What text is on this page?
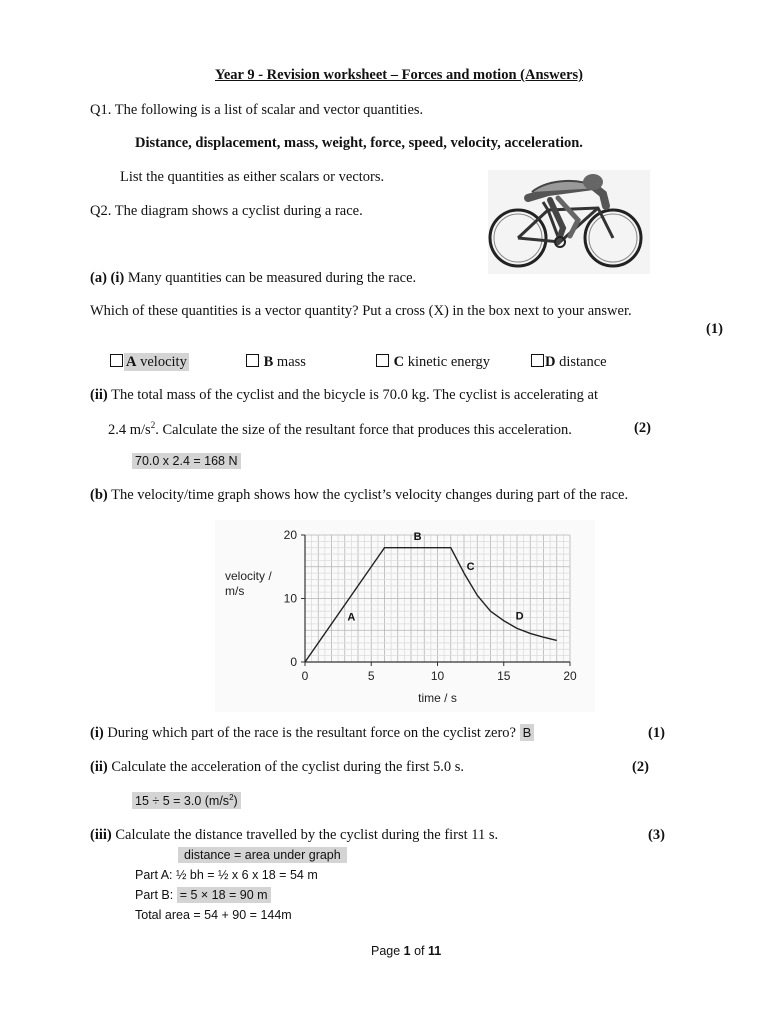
Year 9 - Revision worksheet – Forces and motion (Answers)
Q1. The following is a list of scalar and vector quantities.
Distance, displacement, mass, weight, force, speed, velocity, acceleration.
List the quantities as either scalars or vectors.
Q2. The diagram shows a cyclist during a race.
(a) (i) Many quantities can be measured during the race.
Which of these quantities is a vector quantity? Put a cross (X) in the box next to your answer.
(1)
A velocity	B mass	C kinetic energy	D distance
(ii) The total mass of the cyclist and the bicycle is 70.0 kg. The cyclist is accelerating at
2.4 $m/s^2$. Calculate the size of the resultant force that produces this acceleration.	(2)
70.0 x 2.4 = 168 N
(b) The velocity/time graph shows how the cyclist’s velocity changes during part of the race.
0	5	10	15	20
0
10
20
time / s
velocity /
m/s
A
B
C
D
(i) During which part of the race is the resultant force on the cyclist zero? B	(1)
(ii) Calculate the acceleration of the cyclist during the first 5.0 s.	(2)
15 ÷ 5 = 3.0 $(m/s^2)$
(iii) Calculate the distance travelled by the cyclist during the first 11 s.	(3)
distance = area under graph
Part A: ½ bh = ½ x 6 x 18 = 54 m
Part B: = 5 × 18 = 90 m
Total area = 54 + 90 = 144m
Page 1 of 11
